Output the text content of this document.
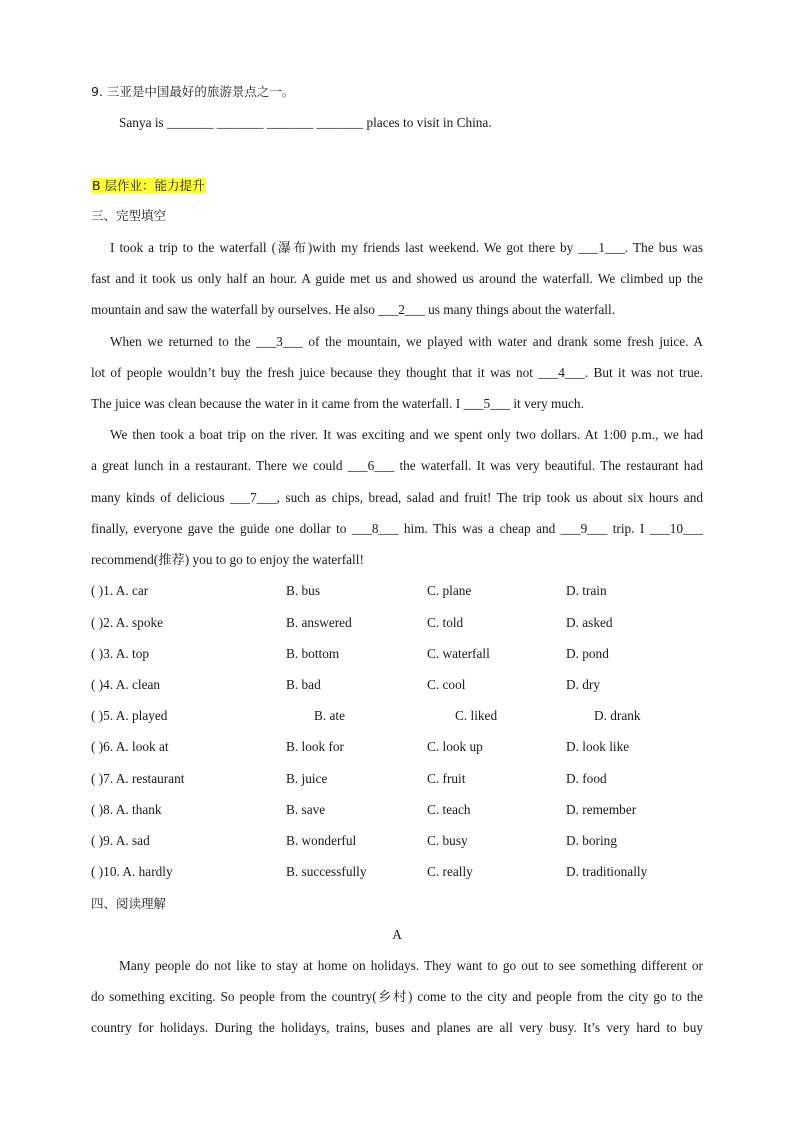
9. 三亚是中国最好的旅游景点之一。
Sanya is _______ _______ _______ _______ places to visit in China.
B 层作业：能力提升
三、完型填空
I took a trip to the waterfall (瀑布)with my friends last weekend. We got there by ___1___. The bus was
fast and it took us only half an hour. A guide met us and showed us around the waterfall. We climbed up the
mountain and saw the waterfall by ourselves. He also ___2___ us many things about the waterfall.
When we returned to the ___3___ of the mountain, we played with water and drank some fresh juice. A
lot of people wouldn’t buy the fresh juice because they thought that it was not ___4___. But it was not true.
The juice was clean because the water in it came from the waterfall. I ___5___ it very much.
We then took a boat trip on the river. It was exciting and we spent only two dollars. At 1:00 p.m., we had
a great lunch in a restaurant. There we could ___6___ the waterfall. It was very beautiful. The restaurant had
many kinds of delicious ___7___, such as chips, bread, salad and fruit! The trip took us about six hours and
finally, everyone gave the guide one dollar to ___8___ him. This was a cheap and ___9___ trip. I ___10___
recommend(推荐) you to go to enjoy the waterfall!
( )1. A. car	B. bus	C. plane	D. train
( )2. A. spoke	B. answered	C. told	D. asked
( )3. A. top	B. bottom	C. waterfall	D. pond
( )4. A. clean	B. bad	C. cool	D. dry
( )5. A. played	B. ate	C. liked	D. drank
( )6. A. look at	B. look for	C. look up	D. look like
( )7. A. restaurant	B. juice	C. fruit	D. food
( )8. A. thank	B. save	C. teach	D. remember
( )9. A. sad	B. wonderful	C. busy	D. boring
( )10. A. hardly	B. successfully	C. really	D. traditionally
四、阅读理解
A
Many people do not like to stay at home on holidays. They want to go out to see something different or
do something exciting. So people from the country(乡村) come to the city and people from the city go to the
country for holidays. During the holidays, trains, buses and planes are all very busy. It’s very hard to buy
